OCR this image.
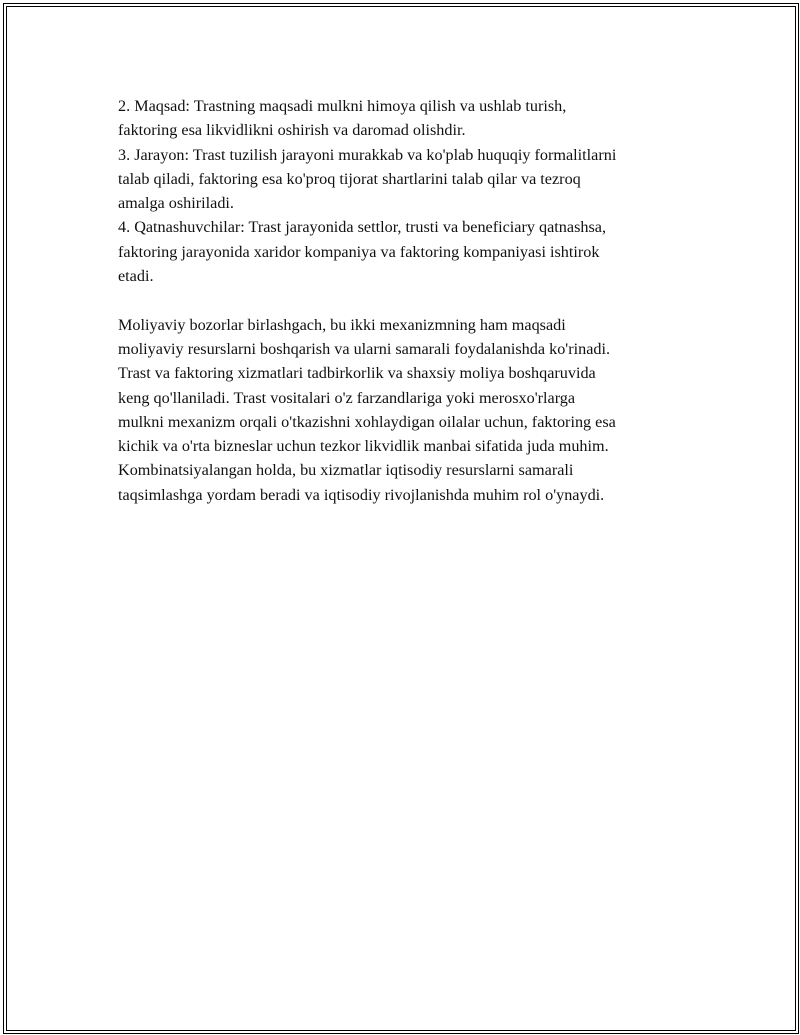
2. Maqsad: Trastning maqsadi mulkni himoya qilish va ushlab turish,
faktoring esa likvidlikni oshirish va daromad olishdir.
3. Jarayon: Trast tuzilish jarayoni murakkab va ko'plab huquqiy formalitlarni
talab qiladi, faktoring esa ko'proq tijorat shartlarini talab qilar va tezroq
amalga oshiriladi.
4. Qatnashuvchilar: Trast jarayonida settlor, trusti va beneficiary qatnashsa,
faktoring jarayonida xaridor kompaniya va faktoring kompaniyasi ishtirok
etadi.
Moliyaviy bozorlar birlashgach, bu ikki mexanizmning ham maqsadi
moliyaviy resurslarni boshqarish va ularni samarali foydalanishda ko'rinadi.
Trast va faktoring xizmatlari tadbirkorlik va shaxsiy moliya boshqaruvida
keng qo'llaniladi. Trast vositalari o'z farzandlariga yoki merosxo'rlarga
mulkni mexanizm orqali o'tkazishni xohlaydigan oilalar uchun, faktoring esa
kichik va o'rta bizneslar uchun tezkor likvidlik manbai sifatida juda muhim.
Kombinatsiyalangan holda, bu xizmatlar iqtisodiy resurslarni samarali
taqsimlashga yordam beradi va iqtisodiy rivojlanishda muhim rol o'ynaydi.
